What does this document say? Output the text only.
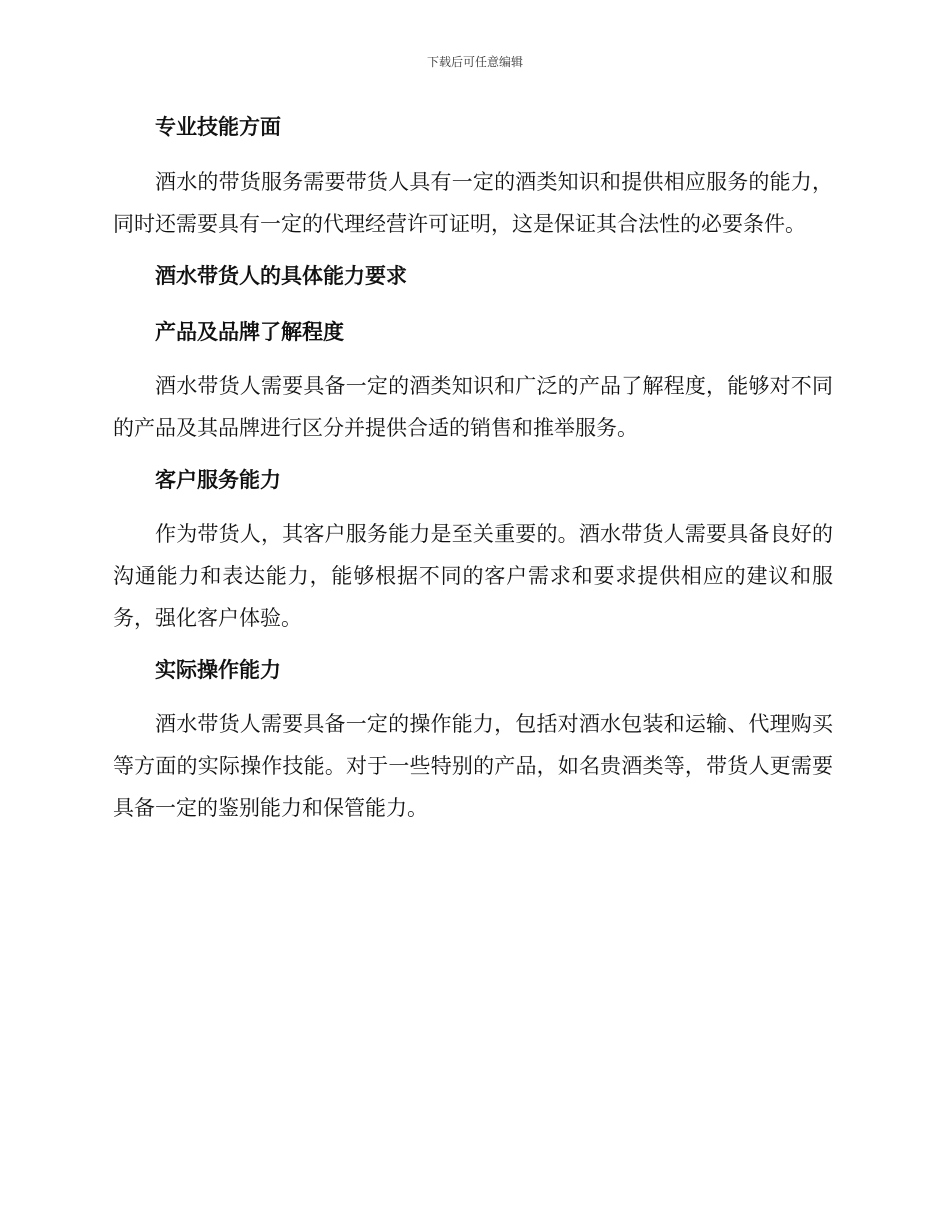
下载后可任意编辑
专业技能方面

酒水的带货服务需要带货人具有一定的酒类知识和提供相应服务的能力，同时还需要具有一定的代理经营许可证明，这是保证其合法性的必要条件。

酒水带货人的具体能力要求
产品及品牌了解程度

酒水带货人需要具备一定的酒类知识和广泛的产品了解程度，能够对不同的产品及其品牌进行区分并提供合适的销售和推举服务。

客户服务能力

作为带货人，其客户服务能力是至关重要的。酒水带货人需要具备良好的沟通能力和表达能力，能够根据不同的客户需求和要求提供相应的建议和服务，强化客户体验。

实际操作能力

酒水带货人需要具备一定的操作能力，包括对酒水包装和运输、代理购买等方面的实际操作技能。对于一些特别的产品，如名贵酒类等，带货人更需要具备一定的鉴别能力和保管能力。
